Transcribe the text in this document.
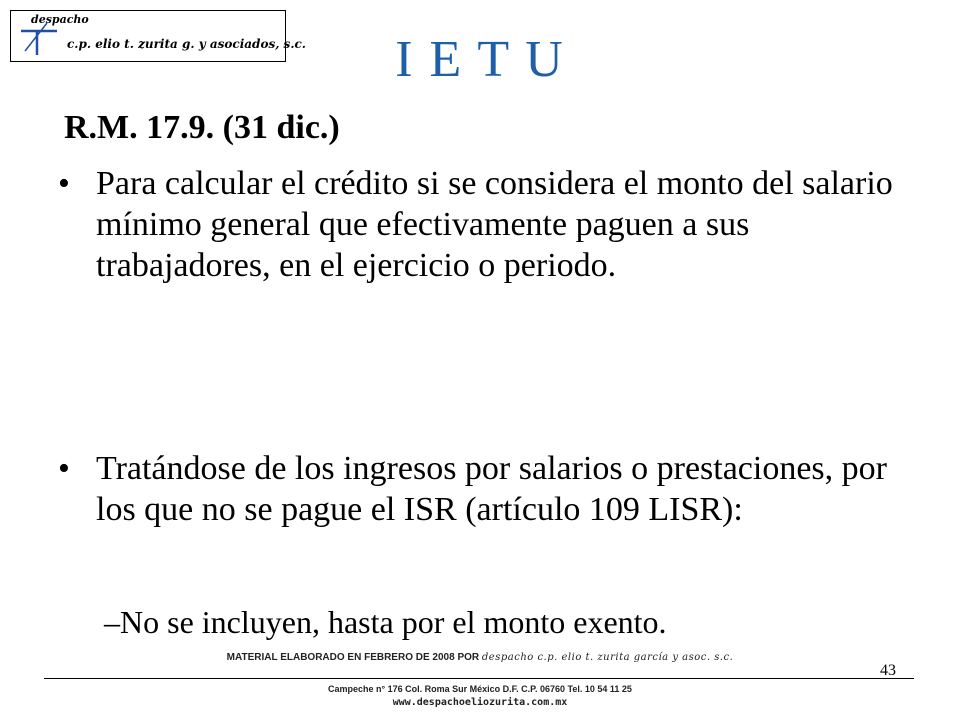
despacho
c.p. elio t. zurita g. y asociados, s.c.	I E T U
R.M. 17.9. (31 dic.)
• Para calcular el crédito si se considera el monto del salario mínimo general que efectivamente paguen a sus trabajadores, en el ejercicio o periodo.
• Tratándose de los ingresos por salarios o prestaciones, por los que no se pague el ISR (artículo 109 LISR):
–No se incluyen, hasta por el monto exento.
MATERIAL ELABORADO EN FEBRERO DE 2008 POR despacho c.p. elio t. zurita garcía y asoc. s.c.
43
Campeche n° 176 Col. Roma Sur México D.F. C.P. 06760 Tel. 10 54 11 25
www.despachoeliozurita.com.mx
